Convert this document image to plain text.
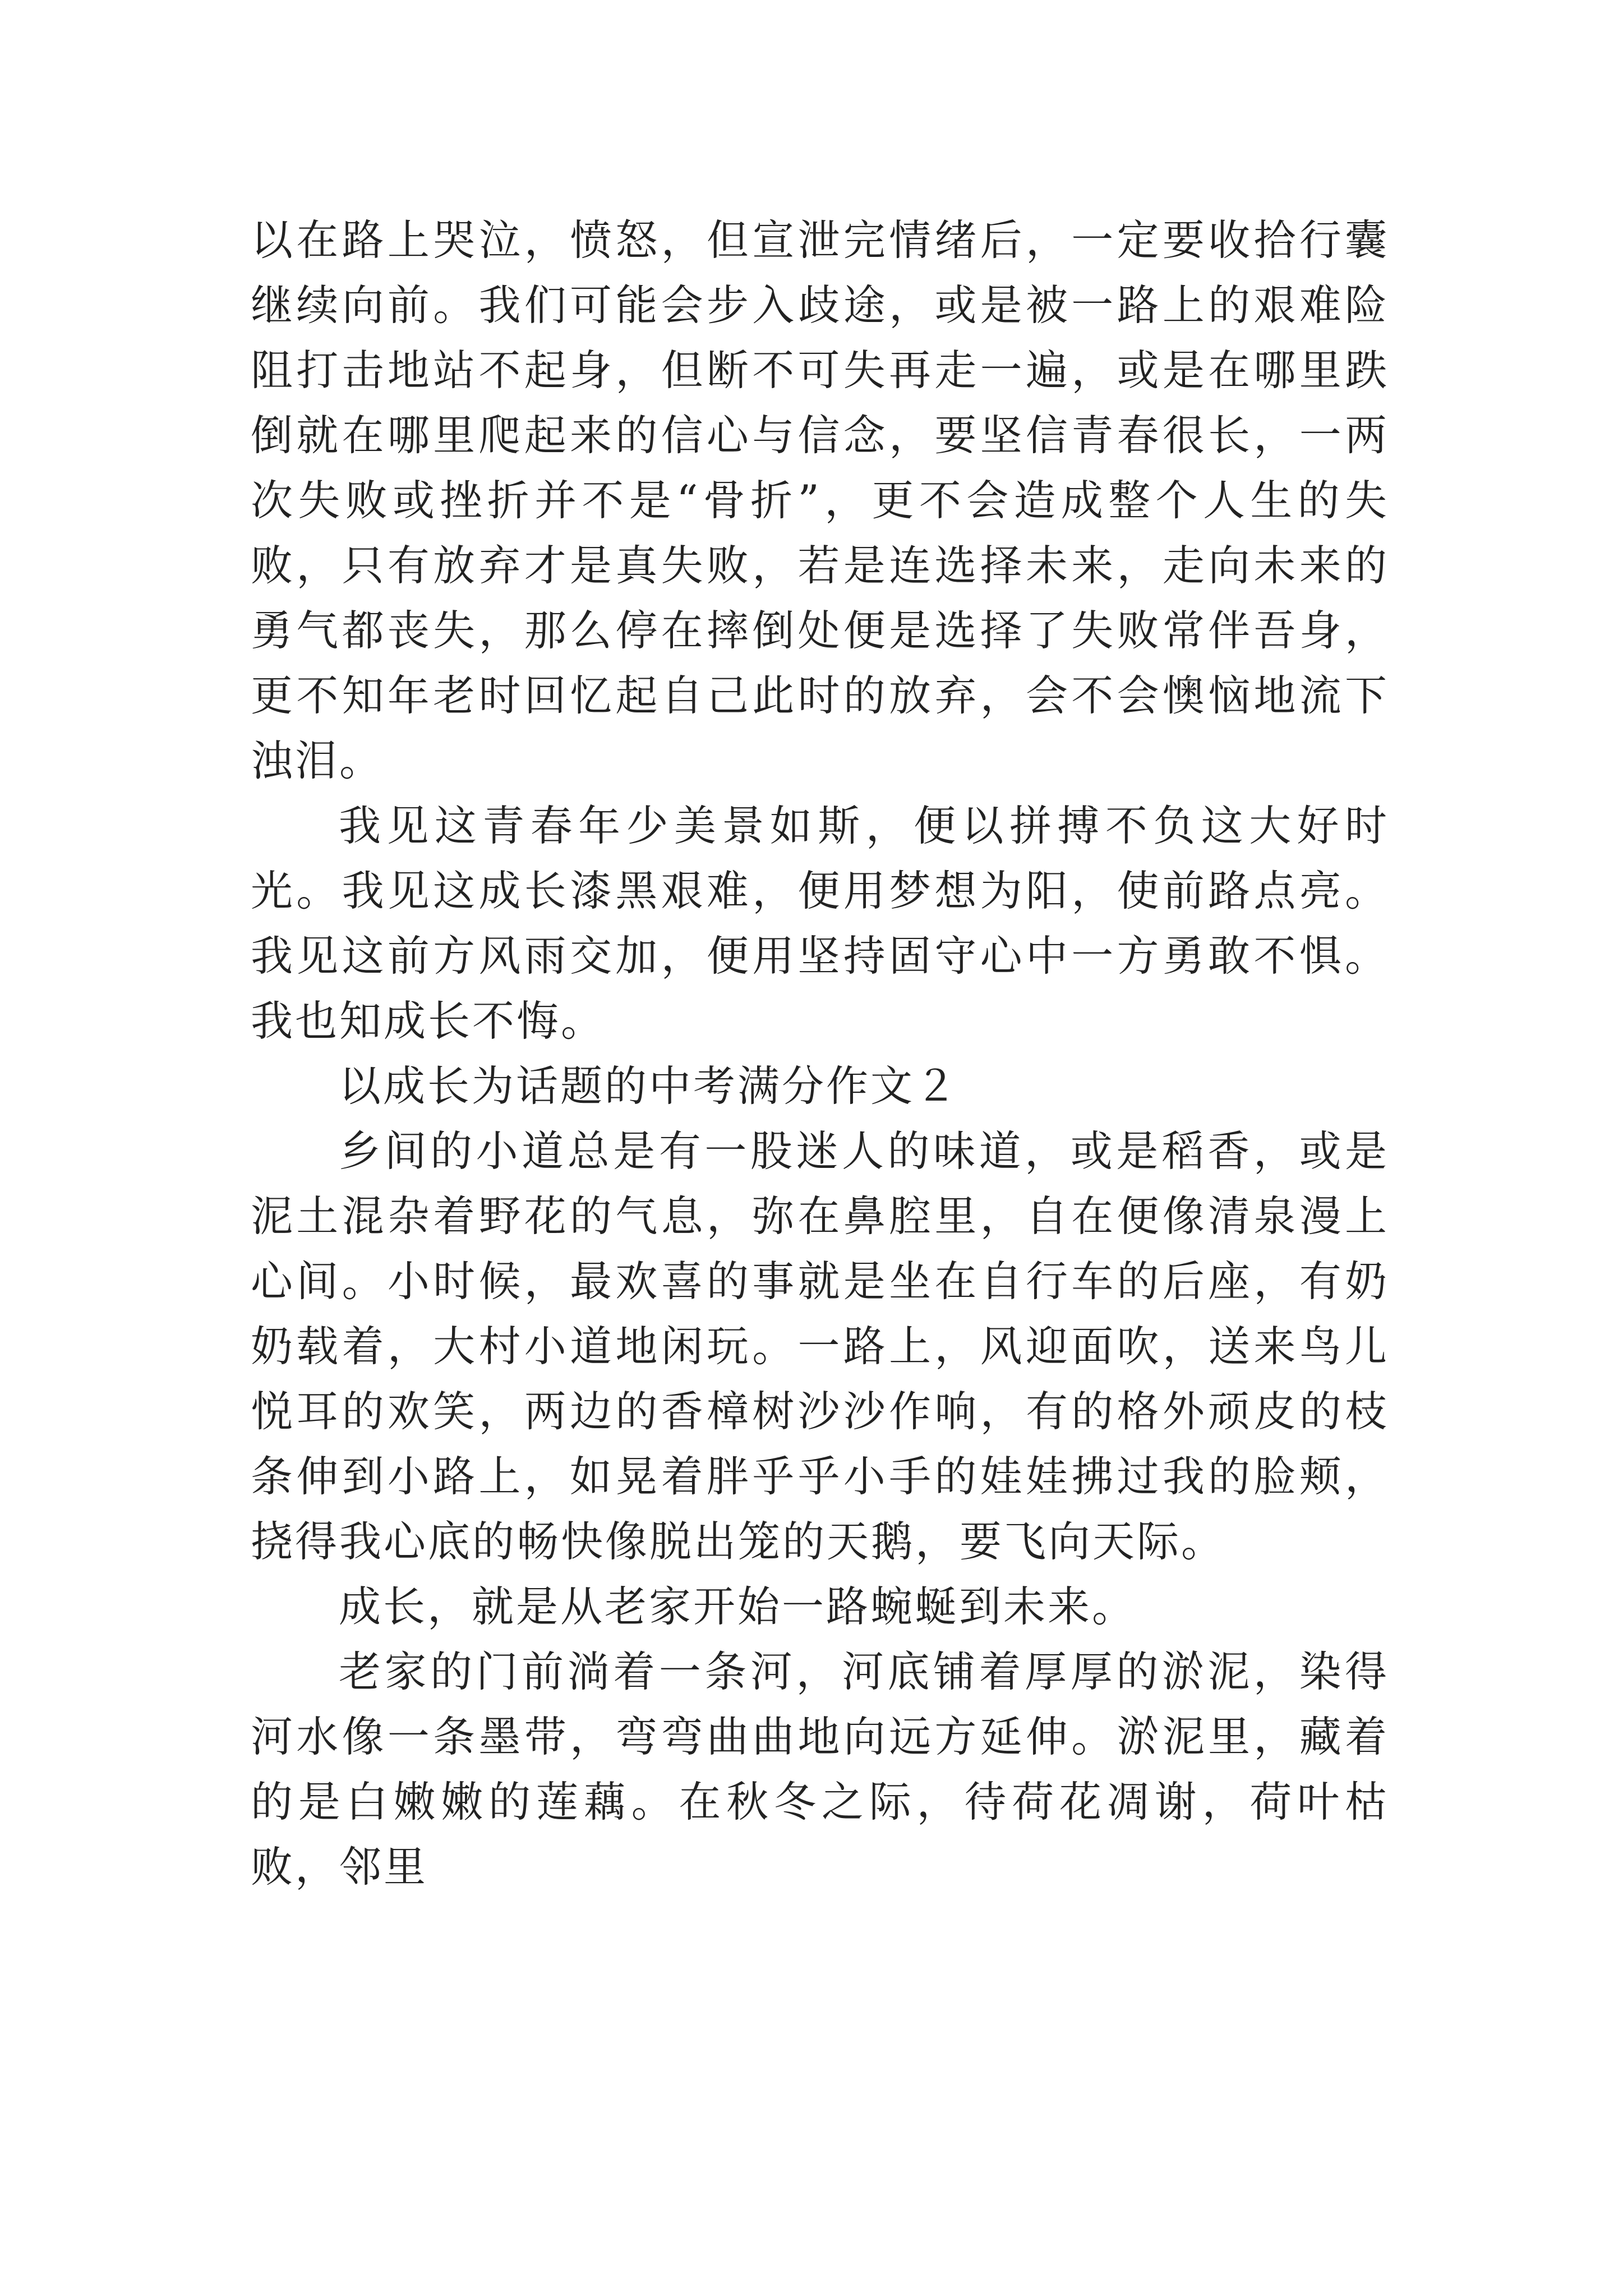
以在路上哭泣，愤怒，但宣泄完情绪后，一定要收拾行囊继续向前。我们可能会步入歧途，或是被一路上的艰难险阻打击地站不起身，但断不可失再走一遍，或是在哪里跌倒就在哪里爬起来的信心与信念，要坚信青春很长，一两次失败或挫折并不是“骨折”，更不会造成整个人生的失败，只有放弃才是真失败，若是连选择未来，走向未来的勇气都丧失，那么停在摔倒处便是选择了失败常伴吾身，更不知年老时回忆起自己此时的放弃，会不会懊恼地流下浊泪。

我见这青春年少美景如斯，便以拼搏不负这大好时光。我见这成长漆黑艰难，便用梦想为阳，使前路点亮。我见这前方风雨交加，便用坚持固守心中一方勇敢不惧。我也知成长不悔。

以成长为话题的中考满分作文２

乡间的小道总是有一股迷人的味道，或是稻香，或是泥土混杂着野花的气息，弥在鼻腔里，自在便像清泉漫上心间。小时候，最欢喜的事就是坐在自行车的后座，有奶奶载着，大村小道地闲玩。一路上，风迎面吹，送来鸟儿悦耳的欢笑，两边的香樟树沙沙作响，有的格外顽皮的枝条伸到小路上，如晃着胖乎乎小手的娃娃拂过我的脸颊，挠得我心底的畅快像脱出笼的天鹅，要飞向天际。

成长，就是从老家开始一路蜿蜒到未来。

老家的门前淌着一条河，河底铺着厚厚的淤泥，染得河水像一条墨带，弯弯曲曲地向远方延伸。淤泥里，藏着的是白嫩嫩的莲藕。在秋冬之际，待荷花凋谢，荷叶枯败，邻里
